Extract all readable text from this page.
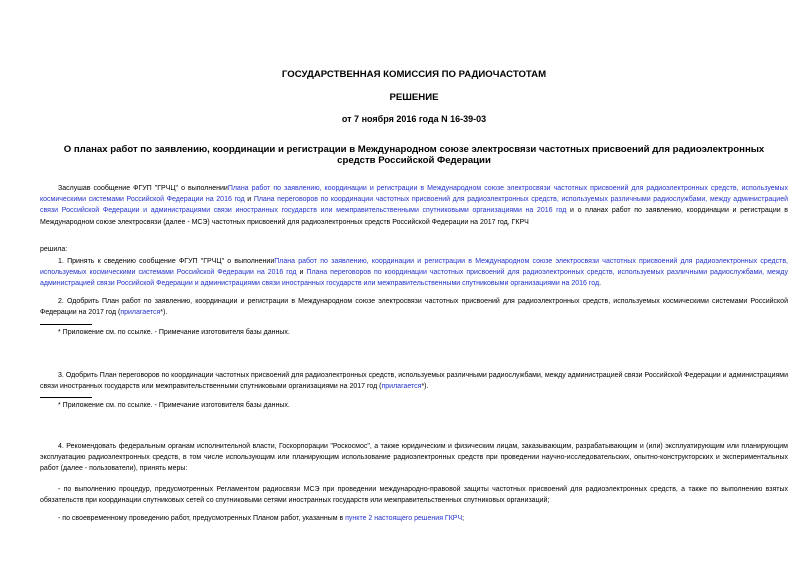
ГОСУДАРСТВЕННАЯ КОМИССИЯ ПО РАДИОЧАСТОТАМ
РЕШЕНИЕ
от 7 ноября 2016 года N 16-39-03
О планах работ по заявлению, координации и регистрации в Международном союзе электросвязи частотных присвоений для радиоэлектронных средств Российской Федерации
Заслушав сообщение ФГУП "ГРЧЦ" о выполненииПлана работ по заявлению, координации и регистрации в Международном союзе электросвязи частотных присвоений для радиоэлектронных средств, используемых космическими системами Российской Федерации на 2016 год и Плана переговоров по координации частотных присвоений для радиоэлектронных средств, используемых различными радиослужбами, между администрацией связи Российской Федерации и администрациями связи иностранных государств или межправительственными спутниковыми организациями на 2016 год и о планах работ по заявлению, координации и регистрации в Международном союзе электросвязи (далее - МСЭ) частотных присвоений для радиоэлектронных средств Российской Федерации на 2017 год, ГКРЧ
решила:
1. Принять к сведению сообщение ФГУП "ГРЧЦ" о выполненииПлана работ по заявлению, координации и регистрации в Международном союзе электросвязи частотных присвоений для радиоэлектронных средств, используемых космическими системами Российской Федерации на 2016 год и Плана переговоров по координации частотных присвоений для радиоэлектронных средств, используемых различными радиослужбами, между администрацией связи Российской Федерации и администрациями связи иностранных государств или межправительственными спутниковыми организациями на 2016 год.
2. Одобрить План работ по заявлению, координации и регистрации в Международном союзе электросвязи частотных присвоений для радиоэлектронных средств, используемых космическими системами Российской Федерации на 2017 год (прилагается*).
* Приложение см. по ссылке. - Примечание изготовителя базы данных.
3. Одобрить План переговоров по координации частотных присвоений для радиоэлектронных средств, используемых различными радиослужбами, между администрацией связи Российской Федерации и администрациями связи иностранных государств или межправительственными спутниковыми организациями на 2017 год (прилагается*).
* Приложение см. по ссылке. - Примечание изготовителя базы данных.
4. Рекомендовать федеральным органам исполнительной власти, Госкорпорации "Роскосмос", а также юридическим и физическим лицам, заказывающим, разрабатывающим и (или) эксплуатирующим или планирующим эксплуатацию радиоэлектронных средств, в том числе использующим или планирующим использование радиоэлектронных средств при проведении научно-исследовательских, опытно-конструкторских и экспериментальных работ (далее - пользователи), принять меры:
- по выполнению процедур, предусмотренных Регламентом радиосвязи МСЭ при проведении международно-правовой защиты частотных присвоений для радиоэлектронных средств, а также по выполнению взятых обязательств при координации спутниковых сетей со спутниковыми сетями иностранных государств или межправительственных спутниковых организаций;
- по своевременному проведению работ, предусмотренных Планом работ, указанным в пункте 2 настоящего решения ГКРЧ;
